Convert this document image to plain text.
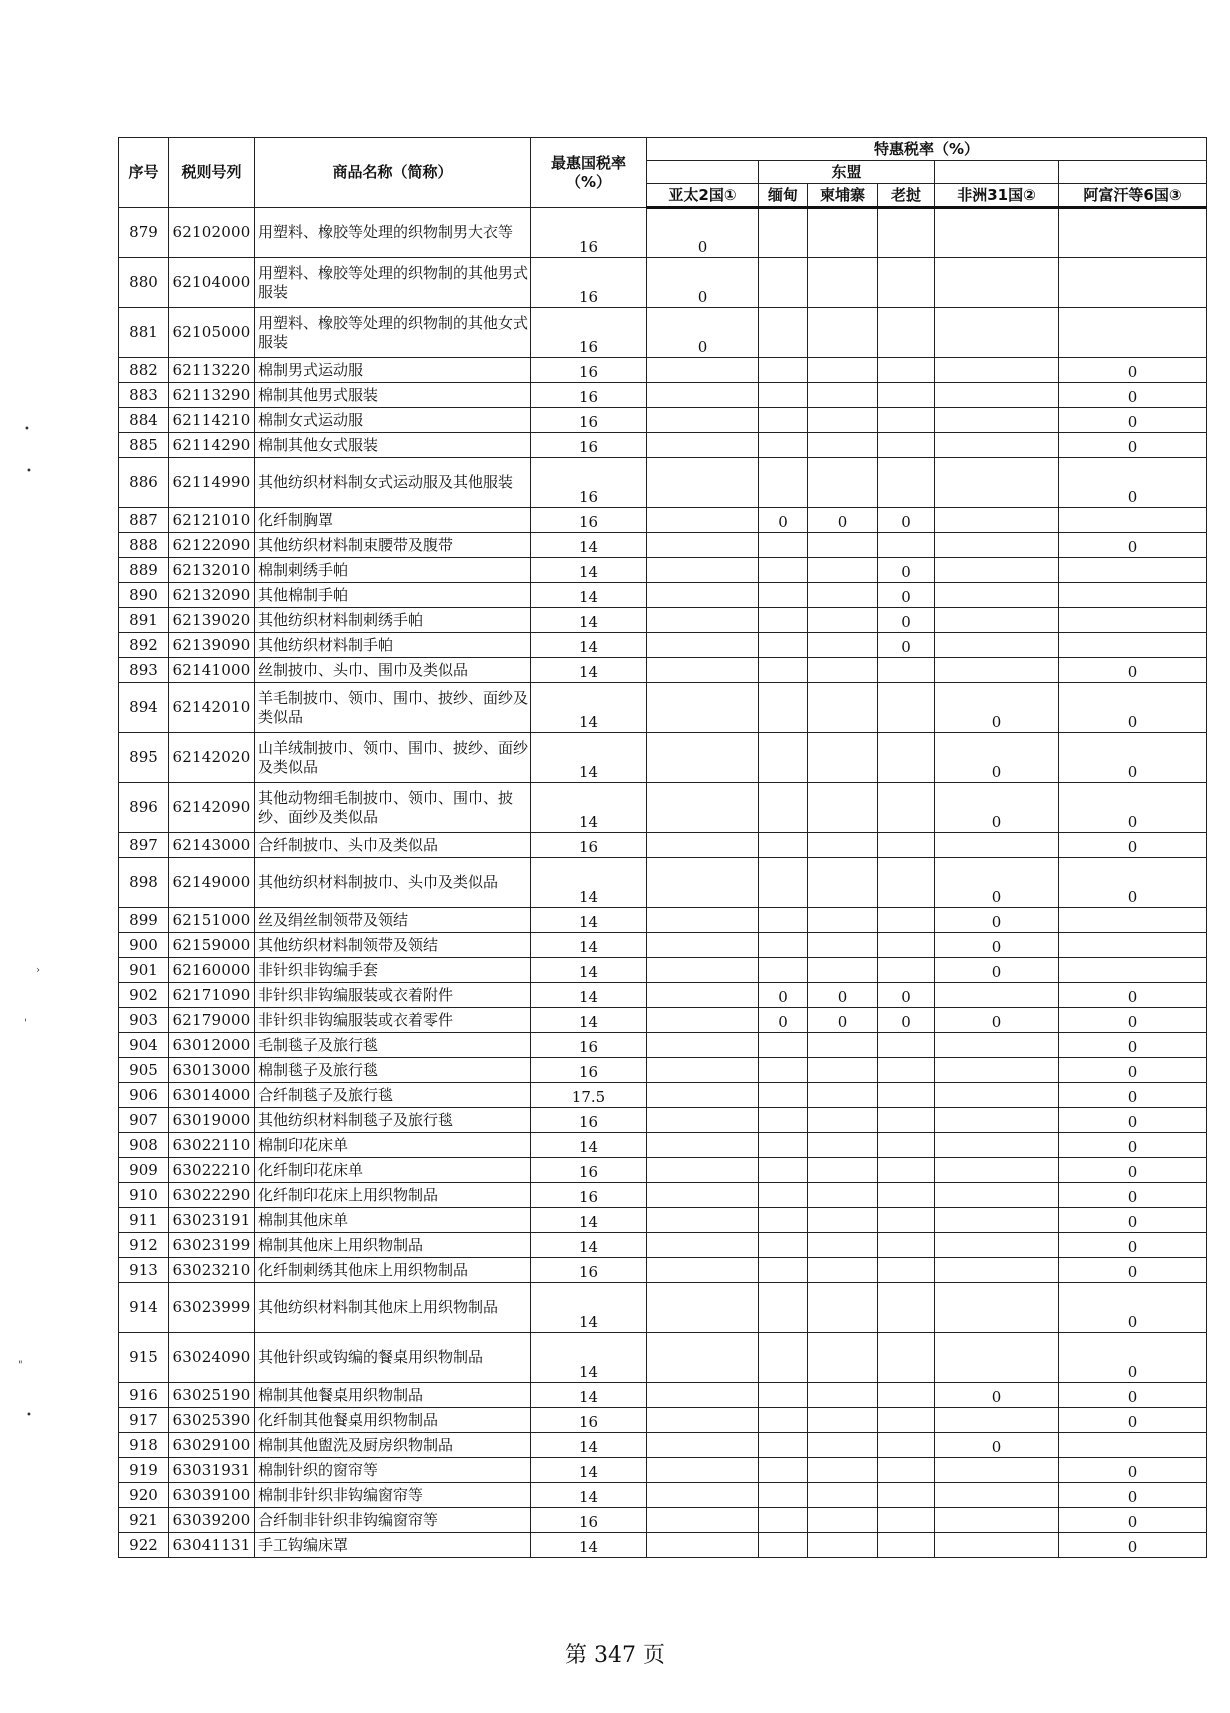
序号	税则号列	商品名称（简称）	最惠国税率（%）	特惠税率（%）					
					东盟				
				亚太2国①	缅甸	柬埔寨	老挝	非洲31国②	阿富汗等6国③
879	62102000	用塑料、橡胶等处理的织物制男大衣等	16	0					
880	62104000	用塑料、橡胶等处理的织物制的其他男式服装	16	0					
881	62105000	用塑料、橡胶等处理的织物制的其他女式服装	16	0					
882	62113220	棉制男式运动服	16						0
883	62113290	棉制其他男式服装	16						0
884	62114210	棉制女式运动服	16						0
885	62114290	棉制其他女式服装	16						0
886	62114990	其他纺织材料制女式运动服及其他服装	16						0
887	62121010	化纤制胸罩	16		0	0	0		
888	62122090	其他纺织材料制束腰带及腹带	14						0
889	62132010	棉制刺绣手帕	14				0		
890	62132090	其他棉制手帕	14				0		
891	62139020	其他纺织材料制刺绣手帕	14				0		
892	62139090	其他纺织材料制手帕	14				0		
893	62141000	丝制披巾、头巾、围巾及类似品	14						0
894	62142010	羊毛制披巾、领巾、围巾、披纱、面纱及类似品	14					0	0
895	62142020	山羊绒制披巾、领巾、围巾、披纱、面纱及类似品	14					0	0
896	62142090	其他动物细毛制披巾、领巾、围巾、披纱、面纱及类似品	14					0	0
897	62143000	合纤制披巾、头巾及类似品	16						0
898	62149000	其他纺织材料制披巾、头巾及类似品	14					0	0
899	62151000	丝及绢丝制领带及领结	14					0	
900	62159000	其他纺织材料制领带及领结	14					0	
901	62160000	非针织非钩编手套	14					0	
902	62171090	非针织非钩编服装或衣着附件	14		0	0	0		0
903	62179000	非针织非钩编服装或衣着零件	14		0	0	0	0	0
904	63012000	毛制毯子及旅行毯	16						0
905	63013000	棉制毯子及旅行毯	16						0
906	63014000	合纤制毯子及旅行毯	17.5						0
907	63019000	其他纺织材料制毯子及旅行毯	16						0
908	63022110	棉制印花床单	14						0
909	63022210	化纤制印花床单	16						0
910	63022290	化纤制印花床上用织物制品	16						0
911	63023191	棉制其他床单	14						0
912	63023199	棉制其他床上用织物制品	14						0
913	63023210	化纤制刺绣其他床上用织物制品	16						0
914	63023999	其他纺织材料制其他床上用织物制品	14						0
915	63024090	其他针织或钩编的餐桌用织物制品	14						0
916	63025190	棉制其他餐桌用织物制品	14					0	0
917	63025390	化纤制其他餐桌用织物制品	16						0
918	63029100	棉制其他盥洗及厨房织物制品	14					0	
919	63031931	棉制针织的窗帘等	14						0
920	63039100	棉制非针织非钩编窗帘等	14						0
921	63039200	合纤制非针织非钩编窗帘等	16						0
922	63041131	手工钩编床罩	14						0
第 347 页
•
•
›
'
"
•
